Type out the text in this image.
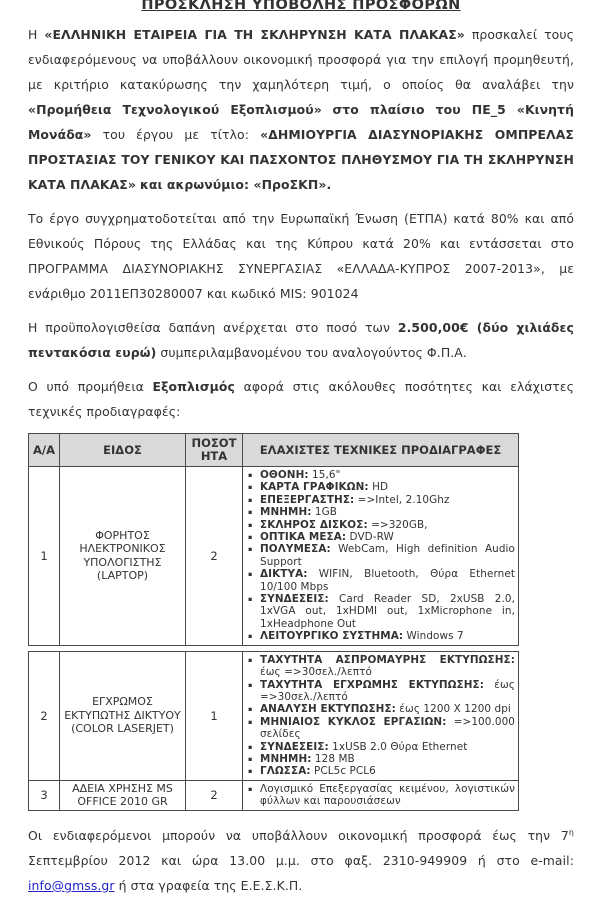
ΠΡΟΣΚΛΗΣΗ ΥΠΟΒΟΛΗΣ ΠΡΟΣΦΟΡΩΝ

Η «ΕΛΛΗΝΙΚΗ ΕΤΑΙΡΕΙΑ ΓΙΑ ΤΗ ΣΚΛΗΡΥΝΣΗ ΚΑΤΑ ΠΛΑΚΑΣ» προσκαλεί τους ενδιαφερόμενους να υποβάλλουν οικονομική προσφορά για την επιλογή προμηθευτή, με κριτήριο κατακύρωσης την χαμηλότερη τιμή, ο οποίος θα αναλάβει την «Προμήθεια Τεχνολογικού Εξοπλισμού» στο πλαίσιο του ΠΕ_5 «Κινητή Μονάδα» του έργου με τίτλο: «ΔΗΜΙΟΥΡΓΙΑ ΔΙΑΣΥΝΟΡΙΑΚΗΣ ΟΜΠΡΕΛΑΣ ΠΡΟΣΤΑΣΙΑΣ ΤΟΥ ΓΕΝΙΚΟΥ ΚΑΙ ΠΑΣΧΟΝΤΟΣ ΠΛΗΘΥΣΜΟΥ ΓΙΑ ΤΗ ΣΚΛΗΡΥΝΣΗ ΚΑΤΑ ΠΛΑΚΑΣ» και ακρωνύμιο: «ΠροΣΚΠ».

Το έργο συγχρηματοδοτείται από την Ευρωπαϊκή Ένωση (ΕΤΠΑ) κατά 80% και από Εθνικούς Πόρους της Ελλάδας και της Κύπρου κατά 20% και εντάσσεται στο ΠΡΟΓΡΑΜΜΑ ΔΙΑΣΥΝΟΡΙΑΚΗΣ ΣΥΝΕΡΓΑΣΙΑΣ «ΕΛΛΑΔΑ-ΚΥΠΡΟΣ 2007-2013», με ενάριθμο 2011ΕΠ30280007 και κωδικό MIS: 901024

Η προϋπολογισθείσα δαπάνη ανέρχεται στο ποσό των 2.500,00€ (δύο χιλιάδες πεντακόσια ευρώ) συμπεριλαμβανομένου του αναλογούντος Φ.Π.Α.

Ο υπό προμήθεια Εξοπλισμός αφορά στις ακόλουθες ποσότητες και ελάχιστες τεχνικές προδιαγραφές:

Α/Α	ΕΙΔΟΣ	ΠΟΣΟΤΗΤΑ	ΕΛΑΧΙΣΤΕΣ ΤΕΧΝΙΚΕΣ ΠΡΟΔΙΑΓΡΑΦΕΣ
1	ΦΟΡΗΤΟΣ ΗΛΕΚΤΡΟΝΙΚΟΣ ΥΠΟΛΟΓΙΣΤΗΣ (LAPTOP)	2	
▪ ΟΘΟΝΗ: 15,6"
▪ ΚΑΡΤΑ ΓΡΑΦΙΚΩΝ: HD
▪ ΕΠΕΞΕΡΓΑΣΤΗΣ: =>Intel, 2.10Ghz
▪ ΜΝΗΜΗ: 1GB
▪ ΣΚΛΗΡΟΣ ΔΙΣΚΟΣ: =>320GB,
▪ ΟΠΤΙΚΑ ΜΕΣΑ: DVD-RW
▪ ΠΟΛΥΜΕΣΑ: WebCam, High definition Audio Support
▪ ΔΙΚΤΥΑ: WIFIN, Bluetooth, Θύρα Ethernet 10/100 Mbps
▪ ΣΥΝΔΕΣΕΙΣ: Card Reader SD, 2xUSB 2.0, 1xVGA out, 1xHDMI out, 1xMicrophone in, 1xHeadphone Out
▪ ΛΕΙΤΟΥΡΓΙΚΟ ΣΥΣΤΗΜΑ: Windows 7
2	ΕΓΧΡΩΜΟΣ ΕΚΤΥΠΩΤΗΣ ΔΙΚΤΥΟΥ (COLOR LASERJET)	1	
▪ ΤΑΧΥΤΗΤΑ ΑΣΠΡΟΜΑΥΡΗΣ ΕΚΤΥΠΩΣΗΣ: έως =>30σελ./λεπτό
▪ ΤΑΧΥΤΗΤΑ ΕΓΧΡΩΜΗΣ ΕΚΤΥΠΩΣΗΣ: έως =>30σελ./λεπτό
▪ ΑΝΑΛΥΣΗ ΕΚΤΥΠΩΣΗΣ: έως 1200 X 1200 dpi
▪ ΜΗΝΙΑΙΟΣ ΚΥΚΛΟΣ ΕΡΓΑΣΙΩΝ: =>100.000 σελίδες
▪ ΣΥΝΔΕΣΕΙΣ: 1xUSB 2.0 Θύρα Ethernet
▪ ΜΝΗΜΗ: 128 MB
▪ ΓΛΩΣΣΑ: PCL5c PCL6

3	ΑΔΕΙΑ ΧΡΗΣΗΣ MS OFFICE 2010 GR	2	
▪Λογισμικό Επεξεργασίας κειμένου, λογιστικών φύλλων και παρουσιάσεων

Οι ενδιαφερόμενοι μπορούν να υποβάλλουν οικονομική προσφορά έως την $7^\eta$ Σεπτεμβρίου 2012 και ώρα 13.00 μ.μ. στο φαξ. 2310-949909 ή στο e-mail: info@gmss.gr ή στα γραφεία της Ε.Ε.Σ.Κ.Π.
